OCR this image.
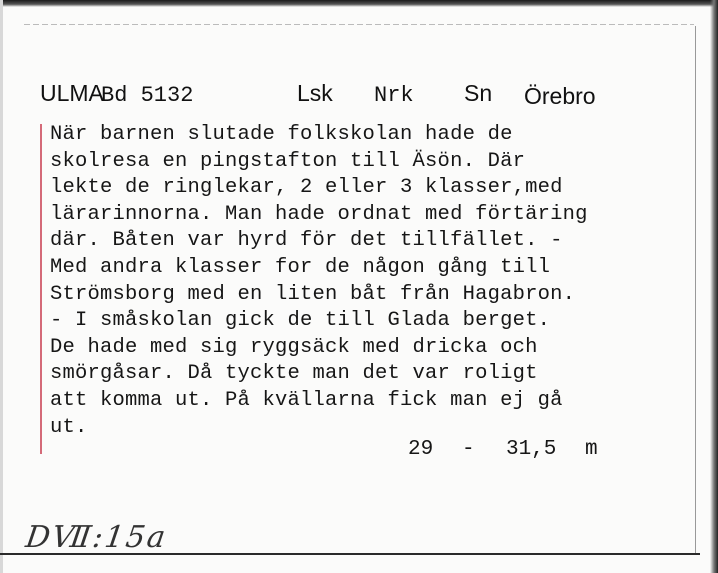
ULMA
Bd 5132	Lsk Nrk Sn Örebro
När barnen slutade folkskolan hade de
skolresa en pingstafton till Äsön. Där
lekte de ringlekar, 2 eller 3 klasser,med
lärarinnorna. Man hade ordnat med förtäring
där. Båten var hyrd för det tillfället. -
Med andra klasser for de någon gång till
Strömsborg med en liten båt från Hagabron.
- I småskolan gick de till Glada berget.
De hade med sig ryggsäck med dricka och
smörgåsar. Då tyckte man det var roligt
att komma ut. På kvällarna fick man ej gå
ut.
29 - 31,5 m
DⅦ:15a
